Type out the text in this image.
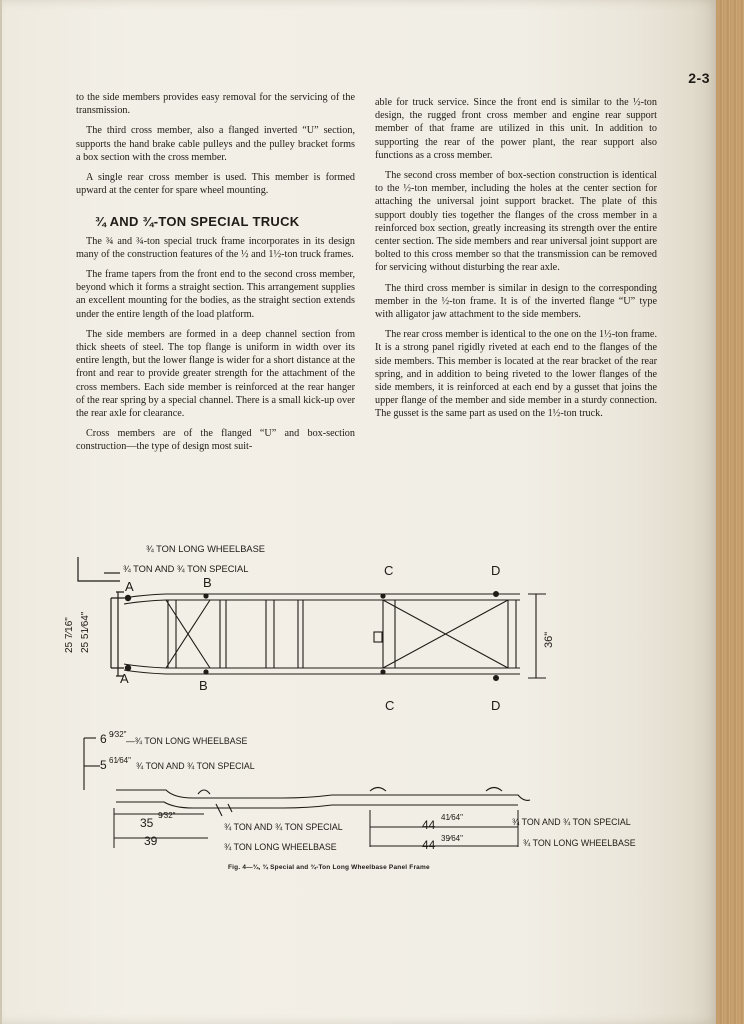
2-3

to the side members provides easy removal for the servicing of the transmission.

The third cross member, also a flanged inverted “U” section, supports the hand brake cable pulleys and the pulley bracket forms a box section with the cross member.

A single rear cross member is used. This member is formed upward at the center for spare wheel mounting.

¾ AND ¾-TON SPECIAL TRUCK

The ¾ and ¾-ton special truck frame incorporates in its design many of the construction features of the ½ and 1½-ton truck frames.

The frame tapers from the front end to the second cross member, beyond which it forms a straight section. This arrangement supplies an excellent mounting for the bodies, as the straight section extends under the entire length of the load platform.

The side members are formed in a deep channel section from thick sheets of steel. The top flange is uniform in width over its entire length, but the lower flange is wider for a short distance at the front and rear to provide greater strength for the attachment of the cross members. Each side member is reinforced at the rear hanger of the rear spring by a special channel. There is a small kick-up over the rear axle for clearance.

Cross members are of the flanged “U” and box-section construction—the type of design most suit-

able for truck service. Since the front end is similar to the ½-ton design, the rugged front cross member and engine rear support member of that frame are utilized in this unit. In addition to supporting the rear of the power plant, the rear support also functions as a cross member.

The second cross member of box-section construction is identical to the ½-ton member, including the holes at the center section for attaching the universal joint support bracket. The plate of this support doubly ties together the flanges of the cross member in a reinforced box section, greatly increasing its strength over the entire center section. The side members and rear universal joint support are bolted to this cross member so that the transmission can be removed for servicing without disturbing the rear axle.

The third cross member is similar in design to the corresponding member in the ½-ton frame. It is of the inverted flange “U” type with alligator jaw attachment to the side members.

The rear cross member is identical to the one on the 1½-ton frame. It is a strong panel rigidly riveted at each end to the flanges of the side members. This member is located at the rear bracket of the rear spring, and in addition to being riveted to the lower flanges of the side members, it is reinforced at each end by a gusset that joins the upper flange of the member and side member in a sturdy connection. The gusset is the same part as used on the 1½-ton truck.

¾ TON LONG WHEELBASE
¾ TON AND ¾ TON SPECIAL
A	B
C	D
A	B
C	D
25 7⁄16" 25 51⁄64"	36"
6 9⁄32"
—¾ TON LONG WHEELBASE
5 61⁄64"
¾ TON AND ¾ TON SPECIAL
35
9⁄32"
¾ TON AND ¾ TON SPECIAL
39	¾ TON LONG WHEELBASE
44
41⁄64"	¾ TON AND ¾ TON SPECIAL
44 39⁄64"	¾ TON LONG WHEELBASE
Fig. 4—¾, ¾ Special and ¾-Ton Long Wheelbase Panel Frame
